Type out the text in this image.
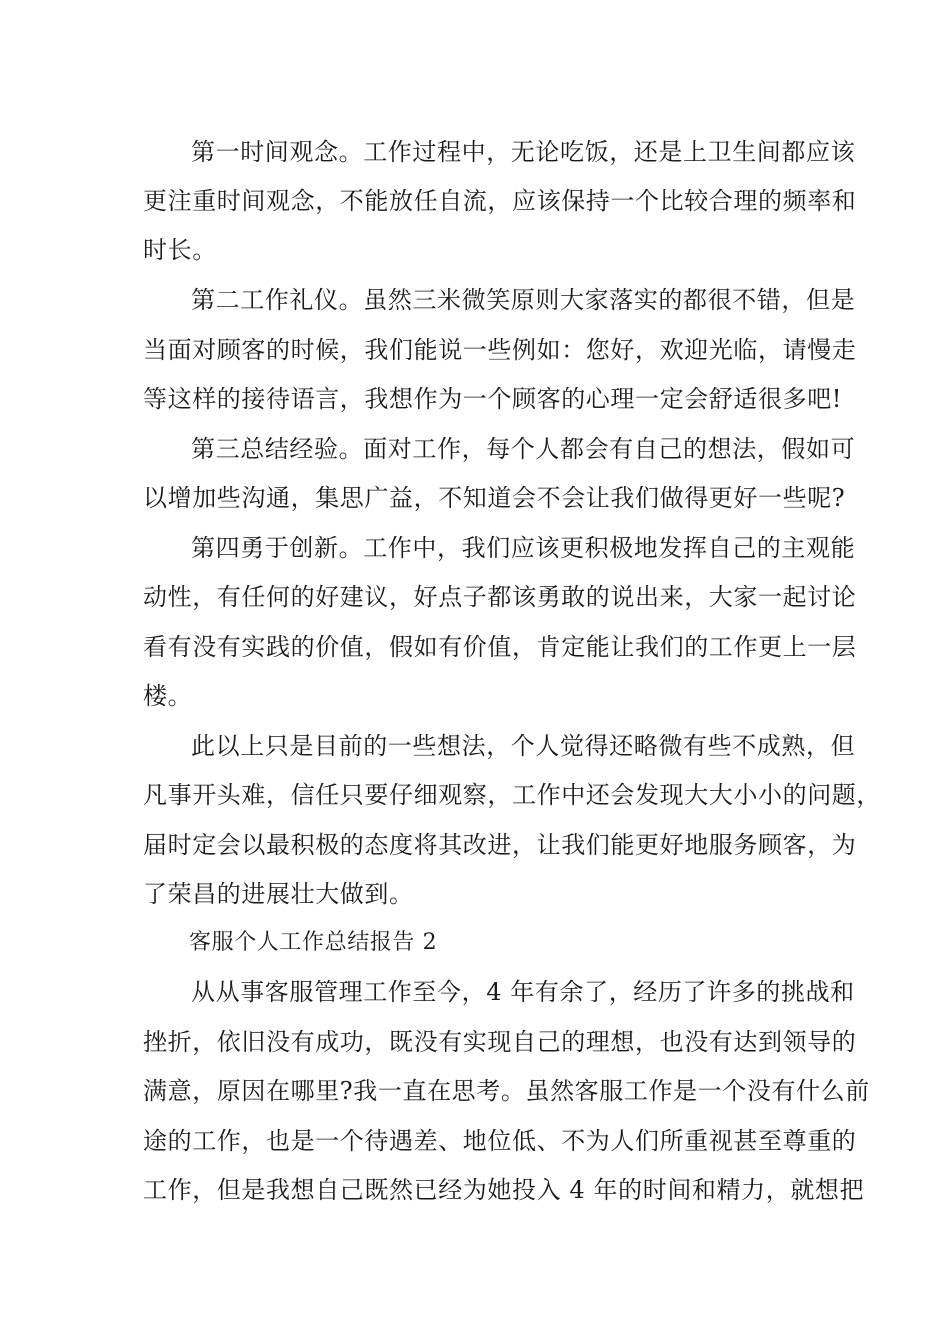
第一时间观念。工作过程中，无论吃饭，还是上卫生间都应该
更注重时间观念，不能放任自流，应该保持一个比较合理的频率和
时长。
第二工作礼仪。虽然三米微笑原则大家落实的都很不错，但是
当面对顾客的时候，我们能说一些例如：您好，欢迎光临，请慢走
等这样的接待语言，我想作为一个顾客的心理一定会舒适很多吧!
第三总结经验。面对工作，每个人都会有自己的想法，假如可
以增加些沟通，集思广益，不知道会不会让我们做得更好一些呢?
第四勇于创新。工作中，我们应该更积极地发挥自己的主观能
动性，有任何的好建议，好点子都该勇敢的说出来，大家一起讨论
看有没有实践的价值，假如有价值，肯定能让我们的工作更上一层
楼。
此以上只是目前的一些想法，个人觉得还略微有些不成熟，但
凡事开头难，信任只要仔细观察，工作中还会发现大大小小的问题，
届时定会以最积极的态度将其改进，让我们能更好地服务顾客，为
了荣昌的进展壮大做到。
客服个人工作总结报告 2
从从事客服管理工作至今，4 年有余了，经历了许多的挑战和
挫折，依旧没有成功，既没有实现自己的理想，也没有达到领导的
满意，原因在哪里?我一直在思考。虽然客服工作是一个没有什么前
途的工作，也是一个待遇差、地位低、不为人们所重视甚至尊重的
工作，但是我想自己既然已经为她投入 4 年的时间和精力，就想把
